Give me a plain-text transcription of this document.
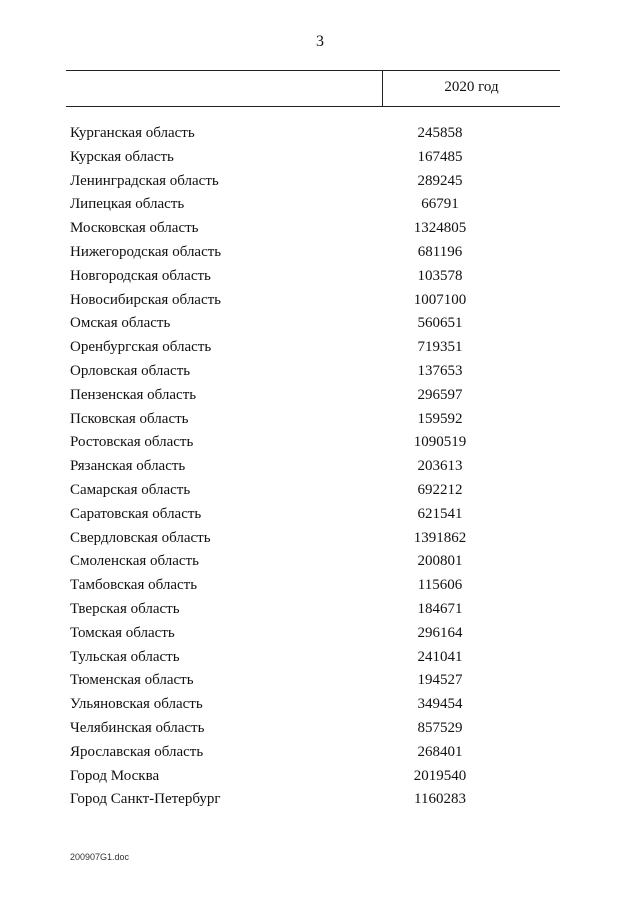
3
2020 год
Курганская область	245858
Курская область	167485
Ленинградская область	289245
Липецкая область	66791
Московская область	1324805
Нижегородская область	681196
Новгородская область	103578
Новосибирская область	1007100
Омская область	560651
Оренбургская область	719351
Орловская область	137653
Пензенская область	296597
Псковская область	159592
Ростовская область	1090519
Рязанская область	203613
Самарская область	692212
Саратовская область	621541
Свердловская область	1391862
Смоленская область	200801
Тамбовская область	115606
Тверская область	184671
Томская область	296164
Тульская область	241041
Тюменская область	194527
Ульяновская область	349454
Челябинская область	857529
Ярославская область	268401
Город Москва	2019540
Город Санкт-Петербург	1160283
200907G1.doc
